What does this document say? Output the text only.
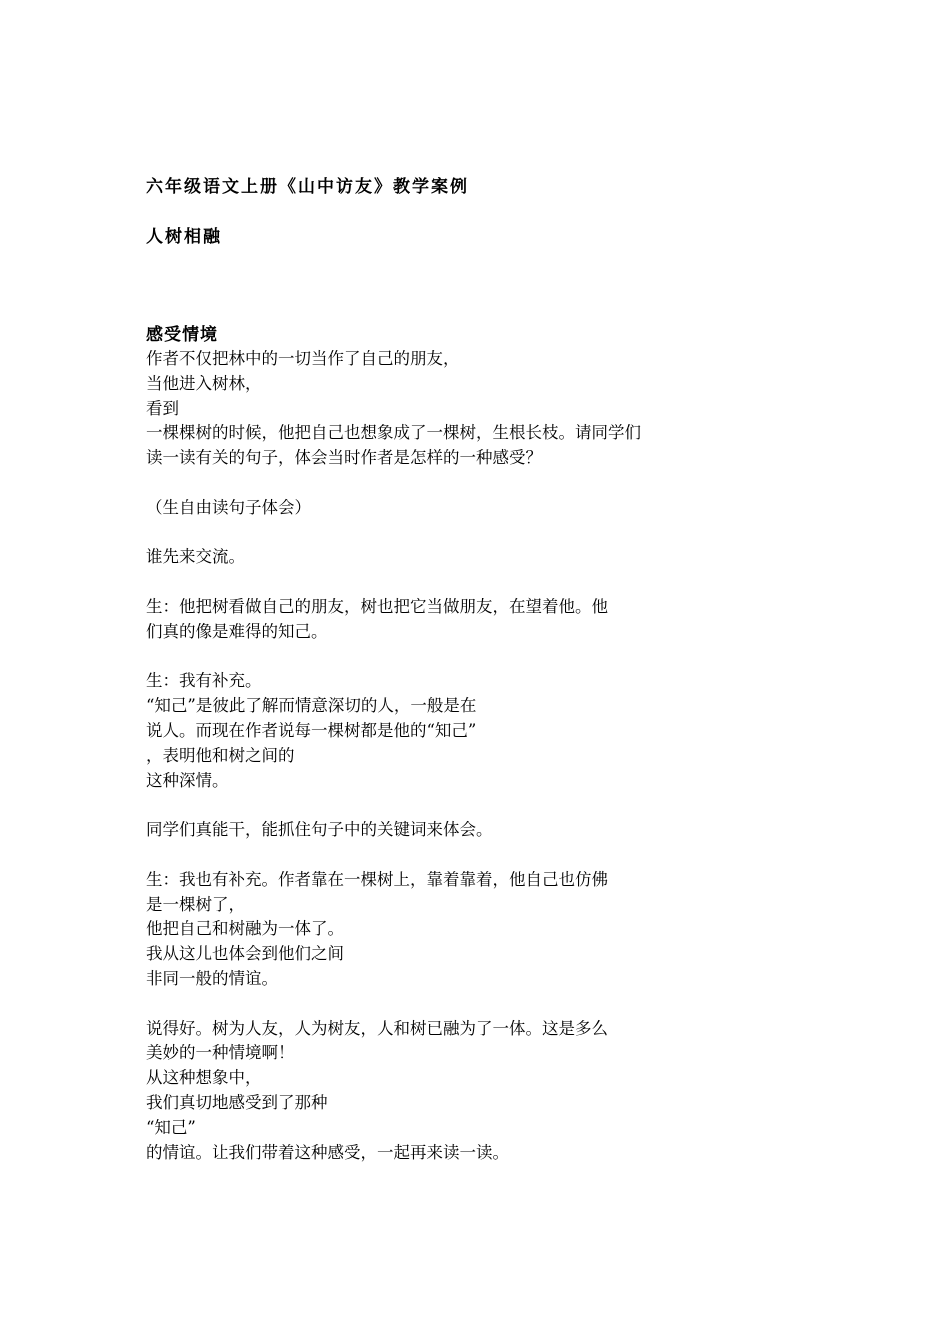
六年级语文上册《山中访友》教学案例
人树相融
感受情境

作者不仅把林中的一切当作了自己的朋友，
当他进入树林，
看到
一棵棵树的时候，他把自己也想象成了一棵树，生根长枝。请同学们
读一读有关的句子，体会当时作者是怎样的一种感受？

（生自由读句子体会）

谁先来交流。

生：他把树看做自己的朋友，树也把它当做朋友，在望着他。他
们真的像是难得的知己。

生：我有补充。
“知己”是彼此了解而情意深切的人，一般是在
说人。而现在作者说每一棵树都是他的“知己”
，表明他和树之间的
这种深情。

同学们真能干，能抓住句子中的关键词来体会。

生：我也有补充。作者靠在一棵树上，靠着靠着，他自己也仿佛
是一棵树了，
他把自己和树融为一体了。
我从这儿也体会到他们之间
非同一般的情谊。

说得好。树为人友，人为树友，人和树已融为了一体。这是多么
美妙的一种情境啊！
从这种想象中，
我们真切地感受到了那种
“知己”
的情谊。让我们带着这种感受，一起再来读一读。
